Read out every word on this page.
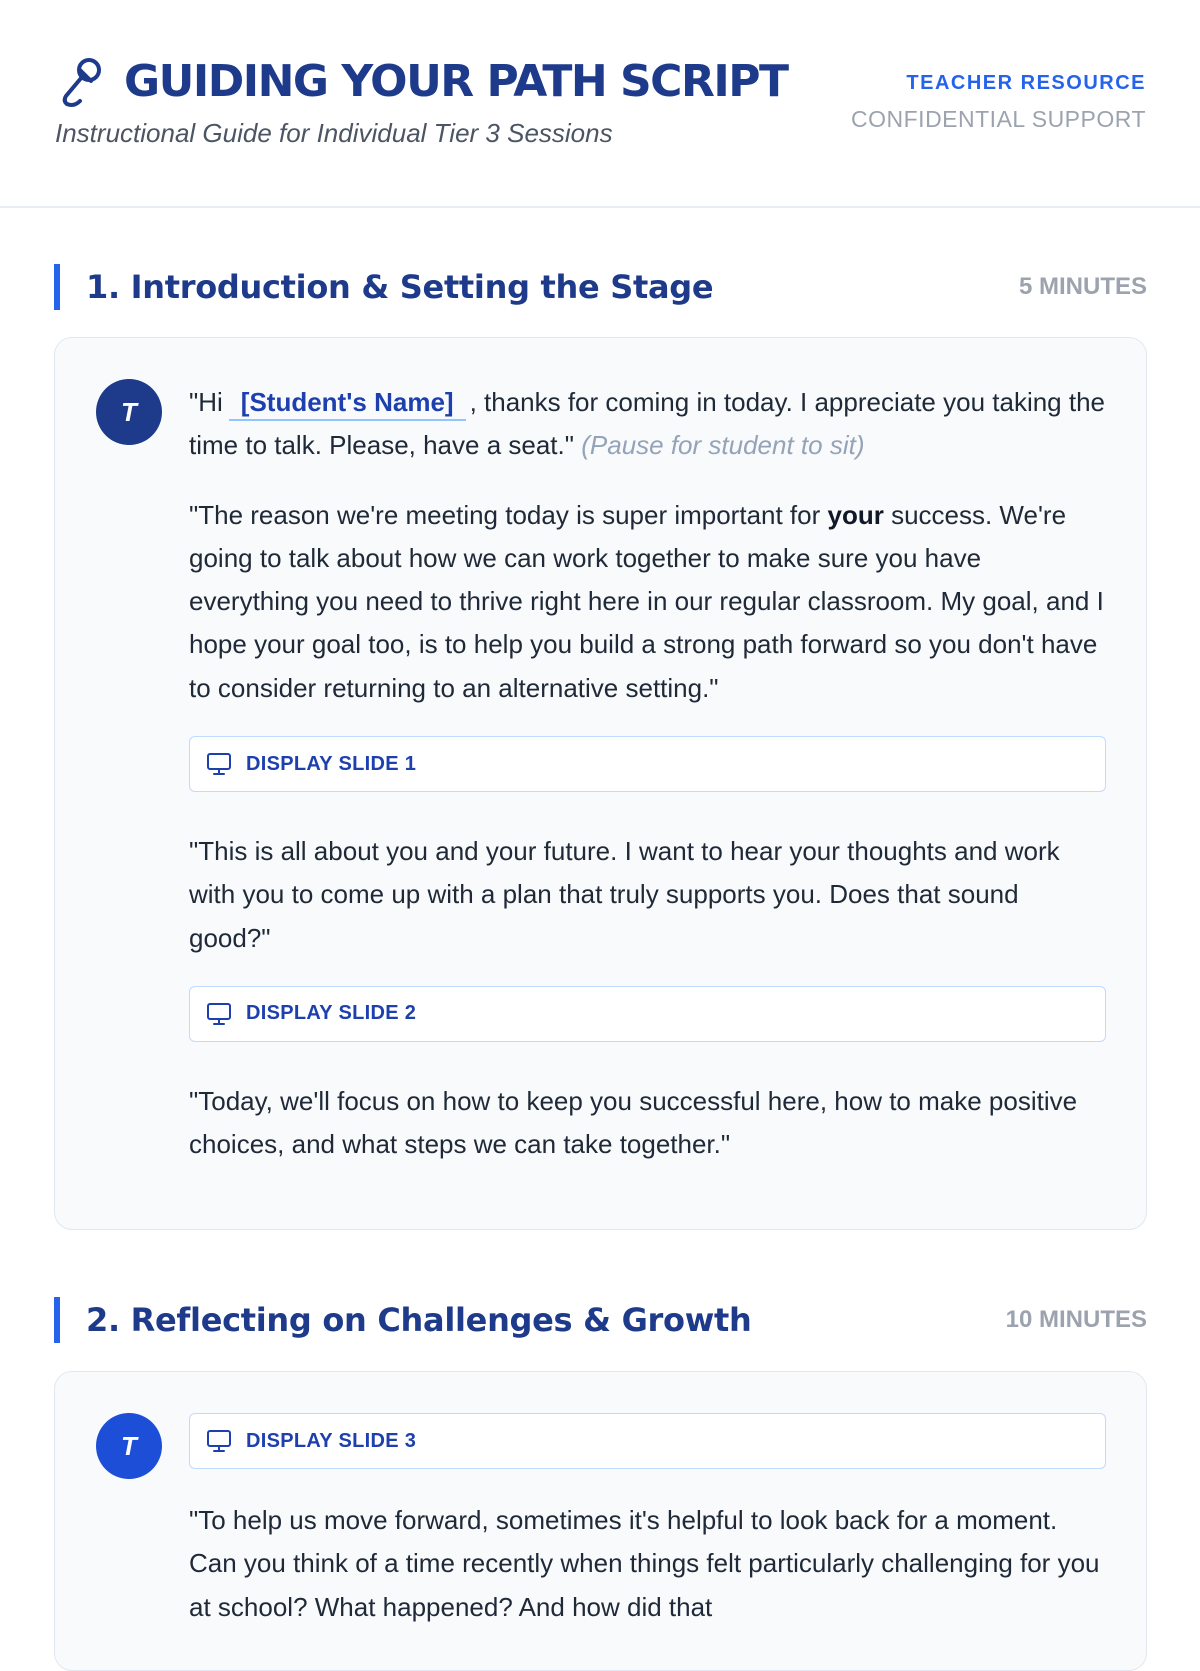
GUIDING YOUR PATH SCRIPT
Instructional Guide for Individual Tier 3 Sessions
TEACHER RESOURCE
CONFIDENTIAL SUPPORT
1. Introduction & Setting the Stage	5 MINUTES
T	"Hi [Student's Name] , thanks for coming in today. I appreciate you taking the time to talk. Please, have a seat." (Pause for student to sit)

"The reason we're meeting today is super important for your success. We're going to talk about how we can work together to make sure you have everything you need to thrive right here in our regular classroom. My goal, and I hope your goal too, is to help you build a strong path forward so you don't have to consider returning to an alternative setting."

DISPLAY SLIDE 1

"This is all about you and your future. I want to hear your thoughts and work with you to come up with a plan that truly supports you. Does that sound good?"

DISPLAY SLIDE 2

"Today, we'll focus on how to keep you successful here, how to make positive choices, and what steps we can take together."

2. Reflecting on Challenges & Growth	10 MINUTES
T	DISPLAY SLIDE 3

"To help us move forward, sometimes it's helpful to look back for a moment. Can you think of a time recently when things felt particularly challenging for you at school? What happened? And how did that
